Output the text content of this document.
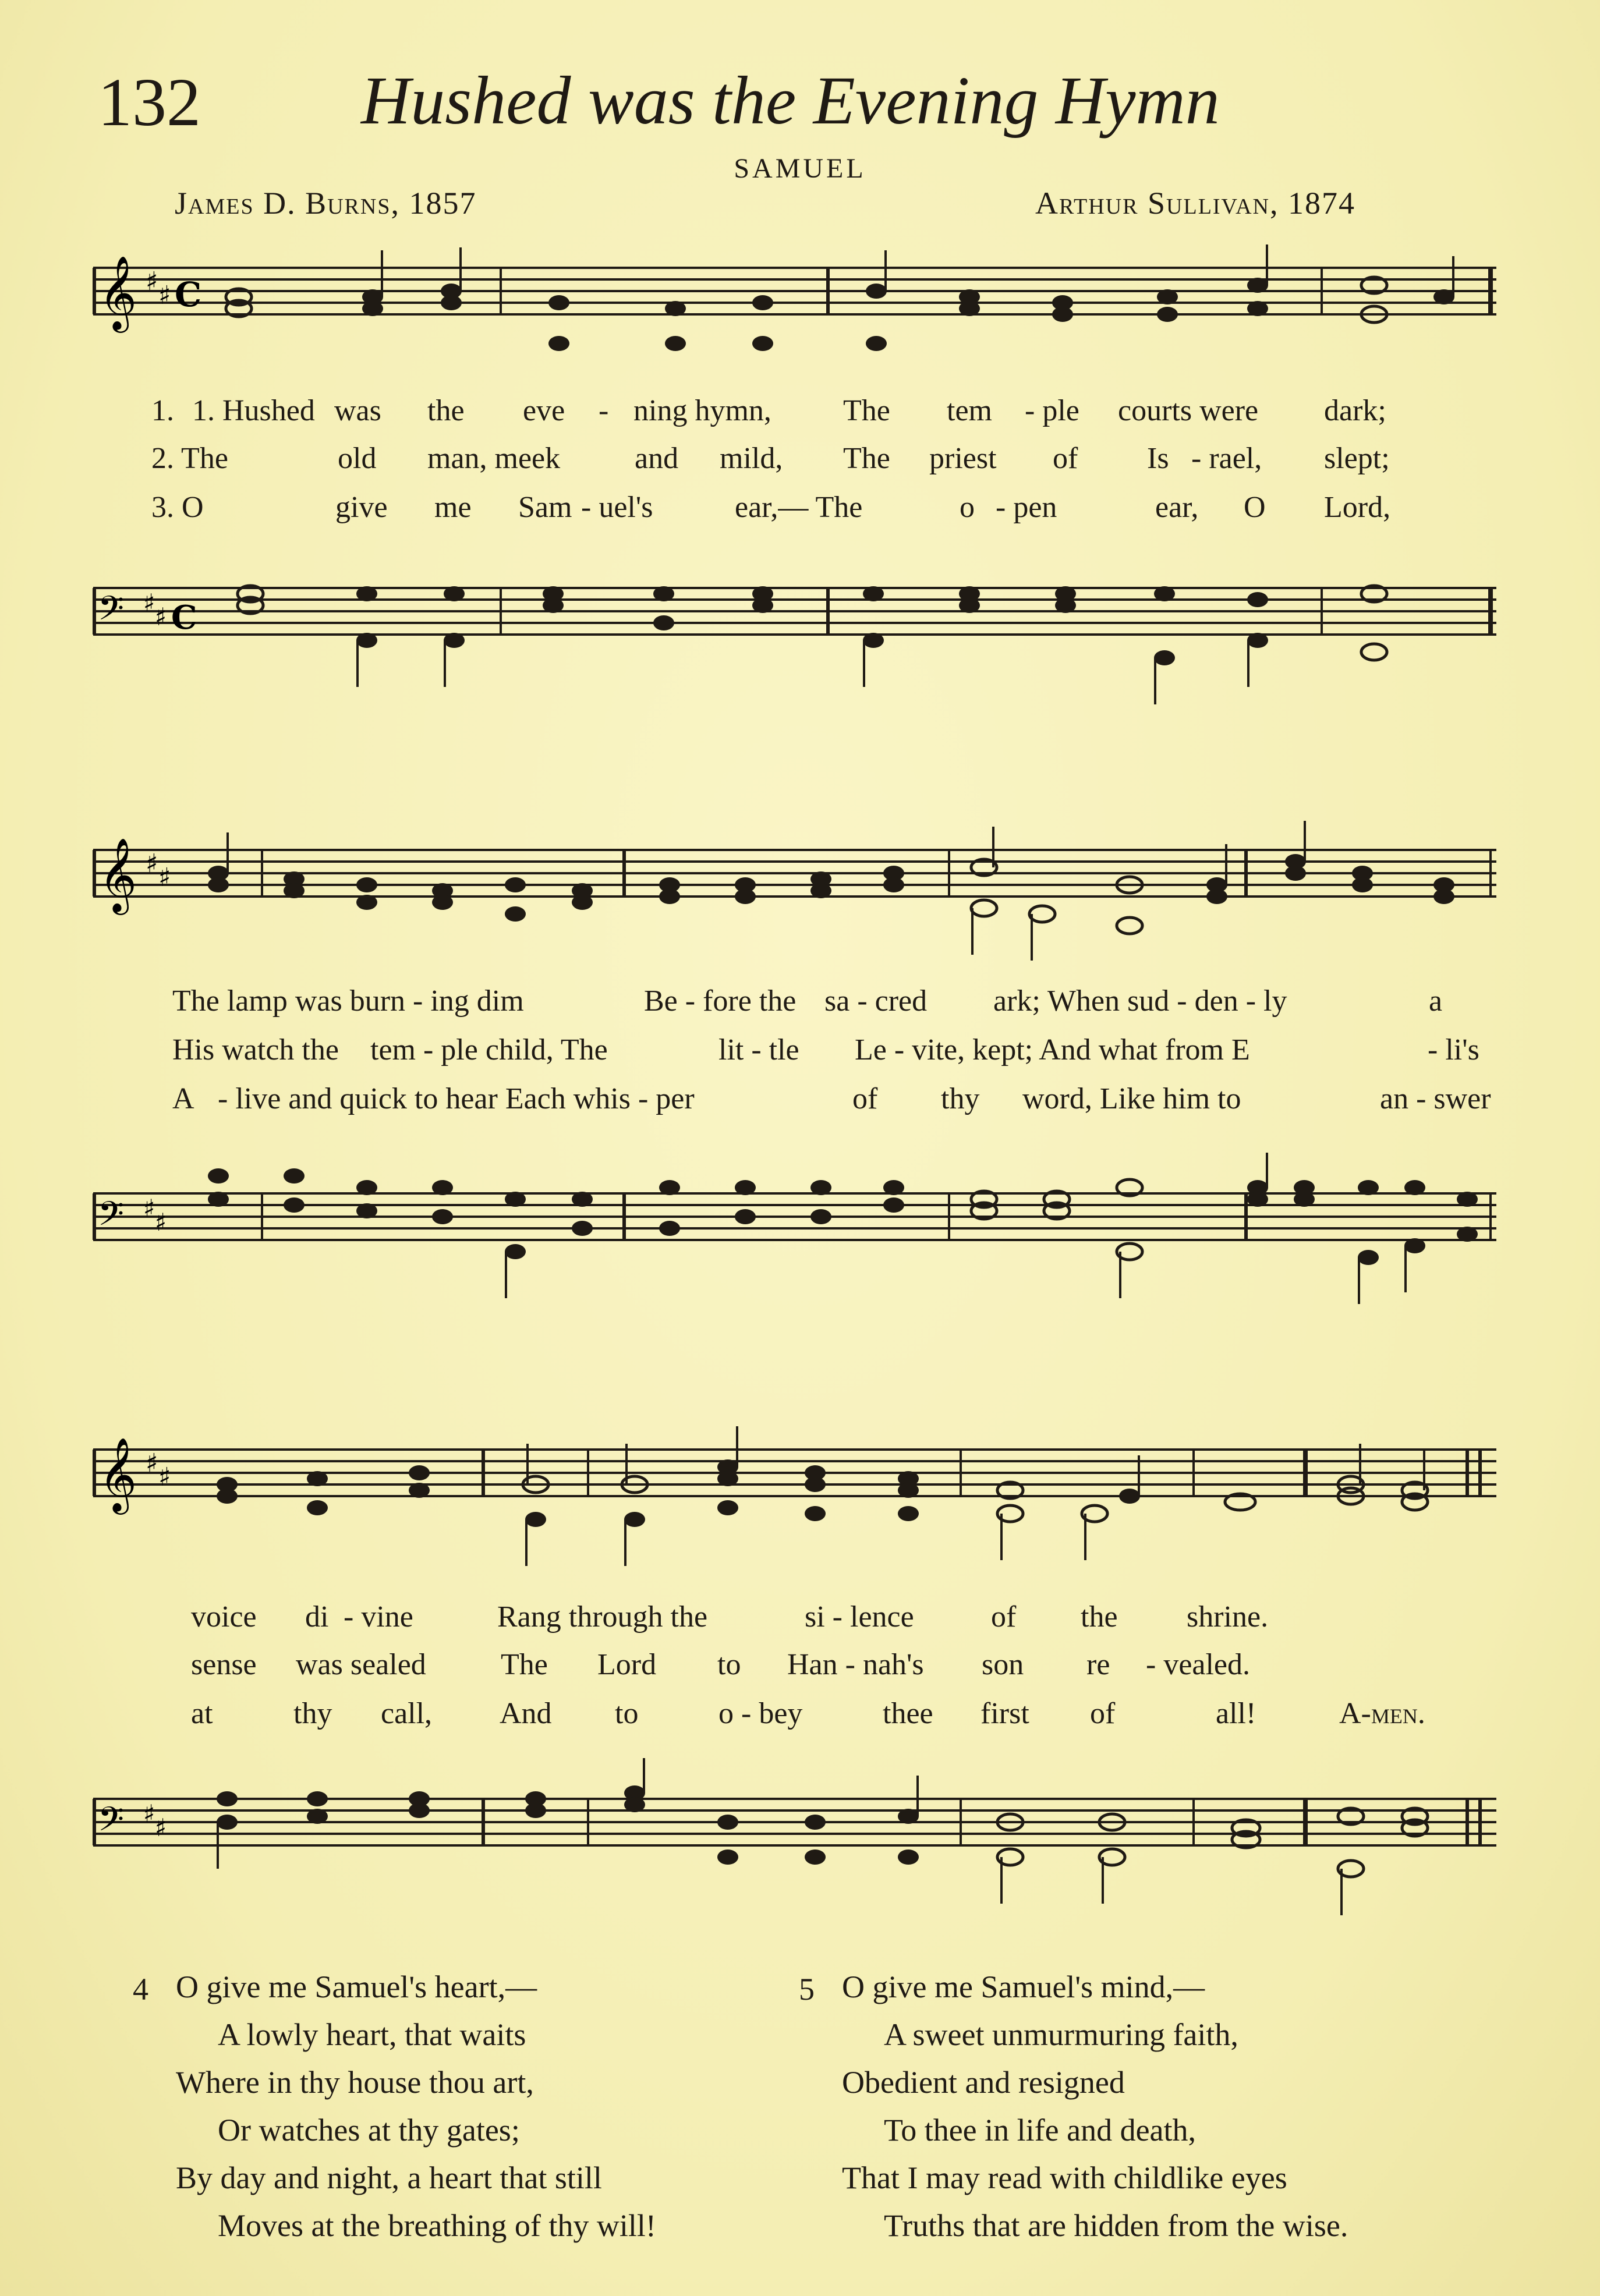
132 Hushed was the Evening Hymn
SAMUEL
James D. Burns, 1857	Arthur Sullivan, 1874
𝄞 ♯ ♯ C
1. 1. Hushed was the eve - ning hymn, The tem - ple courts were dark;
2. The	old man, meek and mild, The priest of Is - rael, slept;
3. O	give me Sam - uel's	ear,— The	o - pen	ear, O Lord,
𝄢 ♯ ♯ C
𝄞 ♯ ♯
The lamp was burn - ing dim	Be - fore the sa - cred ark; When sud - den - ly	a
His watch the tem - ple child, The	lit - tle Le - vite, kept; And what from E	- li's
A - live and quick to hear Each whis - per	of thy word, Like him to	an - swer
𝄢 ♯ ♯
𝄞 ♯ ♯
voice di - vine	Rang through the	si - lence	of the shrine.
sense was sealed The Lord to Han - nah's son re - vealed.
at	thy call, And to	o - bey	thee first of	all!	A-men.
𝄢 ♯ ♯
4 O give me Samuel's heart,—
A lowly heart, that waits
Where in thy house thou art,
Or watches at thy gates;
By day and night, a heart that still
Moves at the breathing of thy will!
5 O give me Samuel's mind,—
A sweet unmurmuring faith,
Obedient and resigned
To thee in life and death,
That I may read with childlike eyes
Truths that are hidden from the wise.
